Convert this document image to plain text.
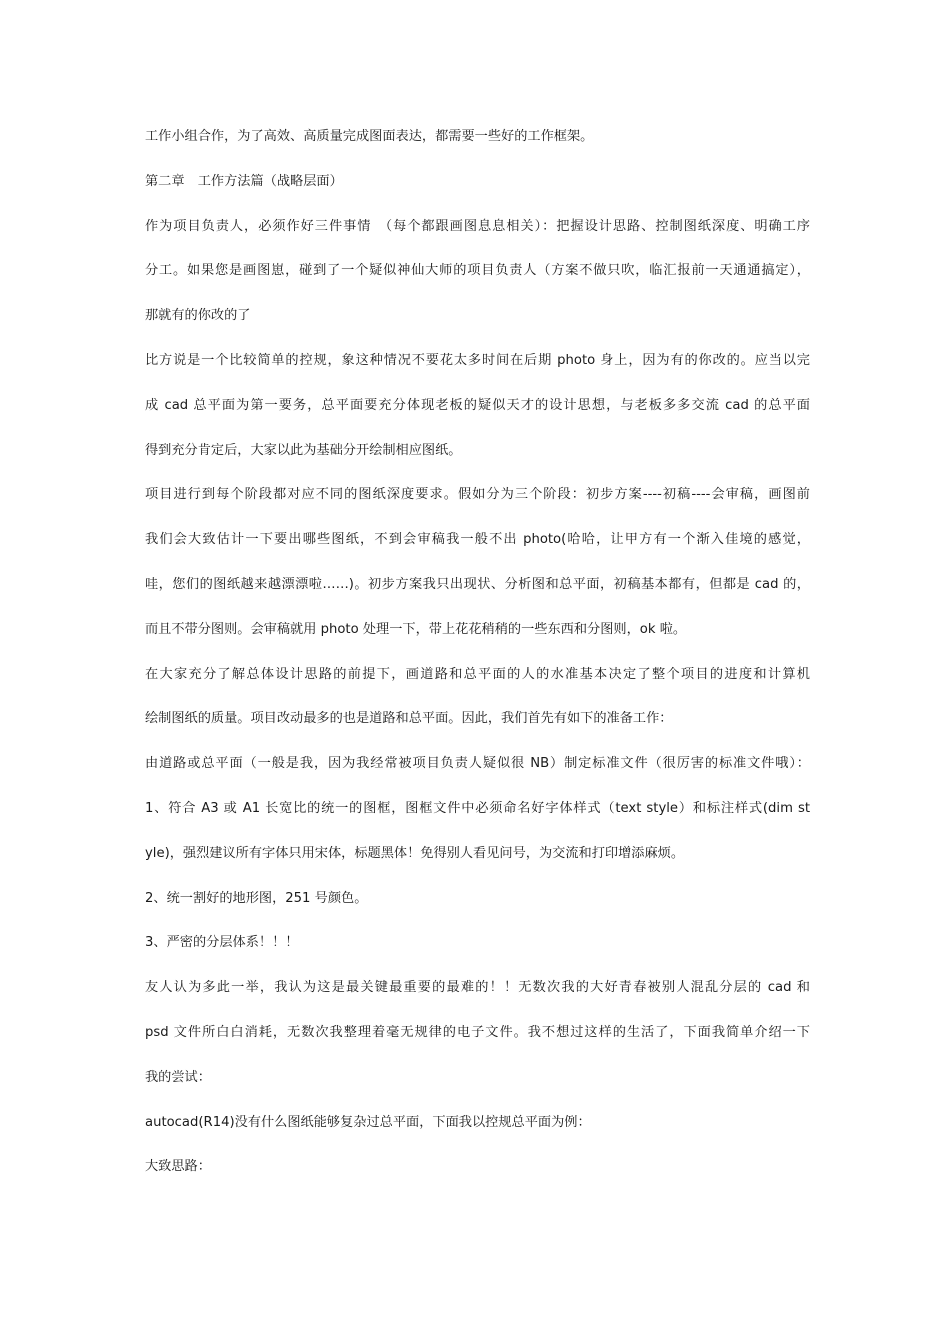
工作小组合作，为了高效、高质量完成图面表达，都需要一些好的工作框架。
第二章　工作方法篇（战略层面）
作为项目负责人，必须作好三件事情　（每个都跟画图息息相关）：把握设计思路、控制图纸深度、明确工序
分工。如果您是画图崽，碰到了一个疑似神仙大师的项目负责人（方案不做只吹，临汇报前一天通通搞定），
那就有的你改的了
比方说是一个比较简单的控规，象这种情况不要花太多时间在后期 photo 身上，因为有的你改的。应当以完
成 cad 总平面为第一要务，总平面要充分体现老板的疑似天才的设计思想，与老板多多交流 cad 的总平面
得到充分肯定后，大家以此为基础分开绘制相应图纸。
项目进行到每个阶段都对应不同的图纸深度要求。假如分为三个阶段：初步方案----初稿----会审稿，画图前
我们会大致估计一下要出哪些图纸，不到会审稿我一般不出 photo(哈哈，让甲方有一个渐入佳境的感觉，
哇，您们的图纸越来越漂漂啦……)。初步方案我只出现状、分析图和总平面，初稿基本都有，但都是 cad 的，
而且不带分图则。会审稿就用 photo 处理一下，带上花花稍稍的一些东西和分图则，ok 啦。
在大家充分了解总体设计思路的前提下，画道路和总平面的人的水准基本决定了整个项目的进度和计算机
绘制图纸的质量。项目改动最多的也是道路和总平面。因此，我们首先有如下的准备工作：
由道路或总平面（一般是我，因为我经常被项目负责人疑似很 NB）制定标准文件（很厉害的标准文件哦）：
1、符合 A3 或 A1 长宽比的统一的图框，图框文件中必须命名好字体样式（text style）和标注样式(dim st
yle)，强烈建议所有字体只用宋体，标题黑体！免得别人看见问号，为交流和打印增添麻烦。
2、统一割好的地形图，251 号颜色。
3、严密的分层体系！！！
友人认为多此一举，我认为这是最关键最重要的最难的！！无数次我的大好青春被别人混乱分层的 cad 和
psd 文件所白白消耗，无数次我整理着毫无规律的电子文件。我不想过这样的生活了，下面我简单介绍一下
我的尝试：
autocad(R14)没有什么图纸能够复杂过总平面，下面我以控规总平面为例：
大致思路：
